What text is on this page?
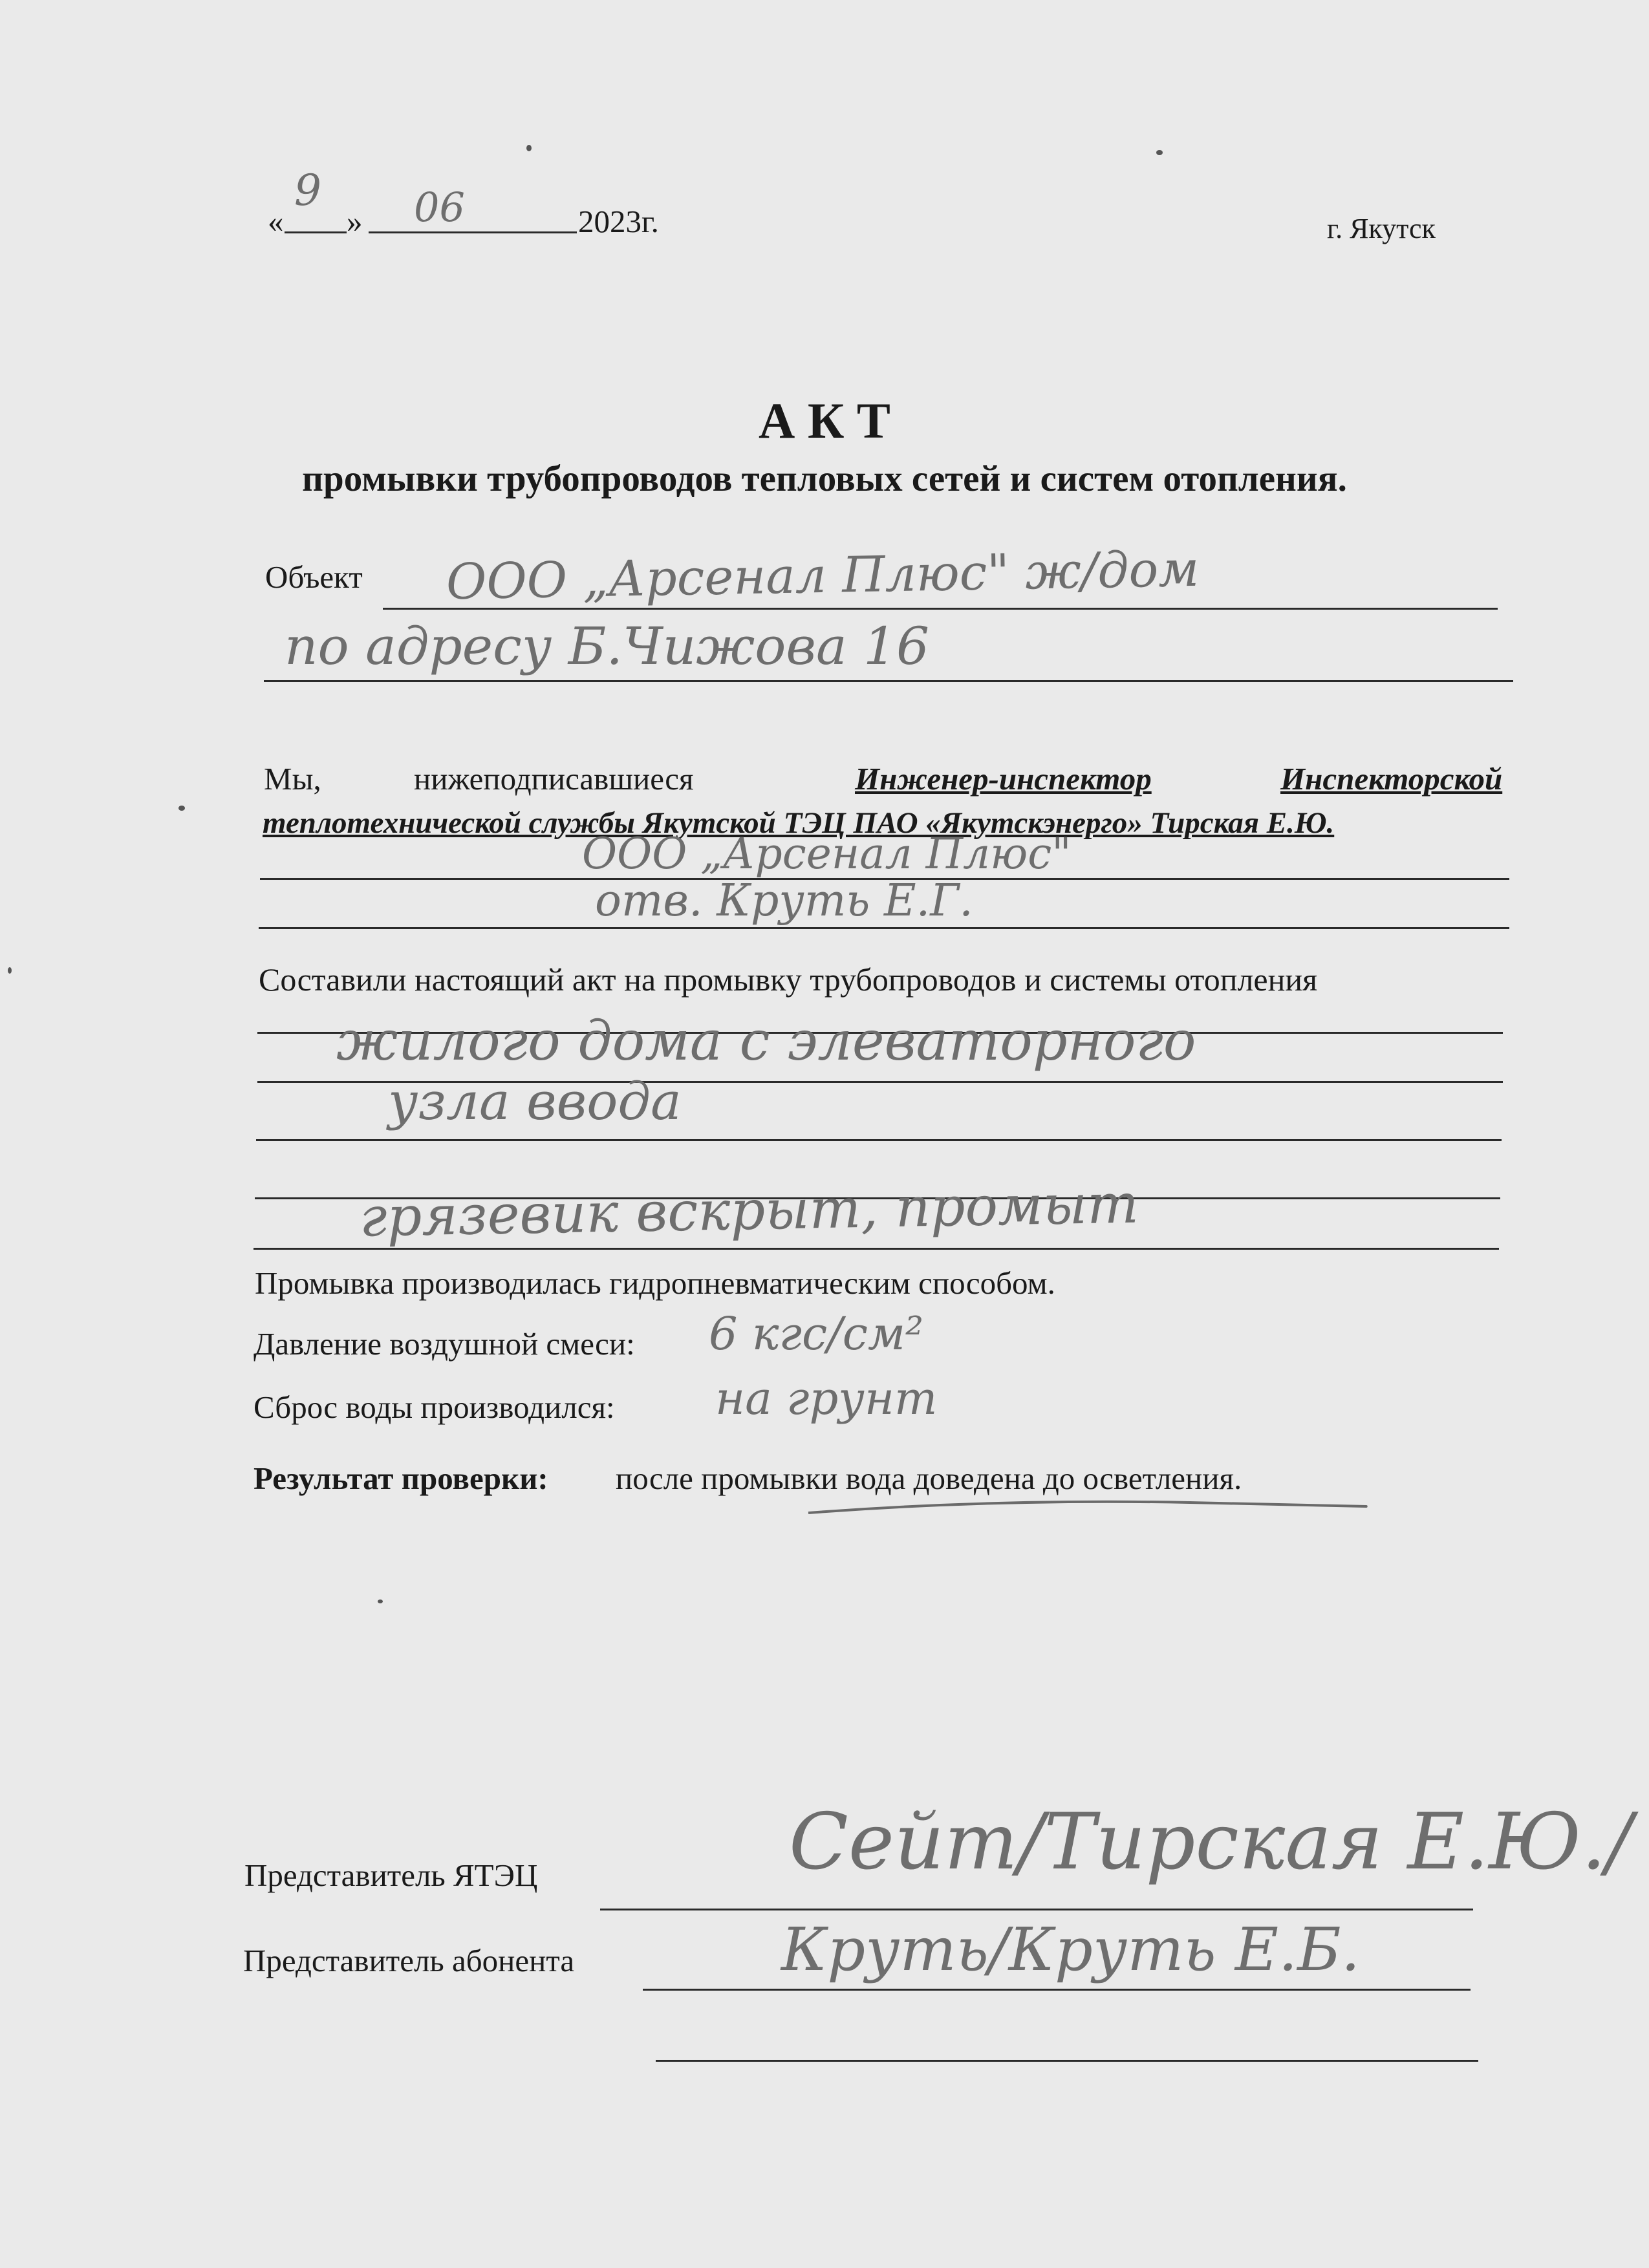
«
9
» 06	2023г.	г. Якутск
А К Т
промывки трубопроводов тепловых сетей и систем отопления.
Объект ООО „Арсенал Плюс" ж/дом
по адресу Б.Чижова 16
Мы,	нижеподписавшиеся	Инженер-инспектор	Инспекторской
теплотехнической службы Якутской ТЭЦ ПАО «Якутскэнерго» Тирская Е.Ю.
ООО „Арсенал Плюс"
отв. Круть Е.Г.
Составили настоящий акт на промывку трубопроводов и системы отопления
жилого дома с элеваторного
узла ввода
грязевик вскрыт, промыт
Промывка производилась гидропневматическим способом.
Давление воздушной смеси: 6 кгс/см²
Сброс воды производился: на грунт
Результат проверки: после промывки вода доведена до осветления.
Представитель ЯТЭЦ	Сейт/Тирская Е.Ю./
Представитель абонента	Круть/Круть Е.Б.
